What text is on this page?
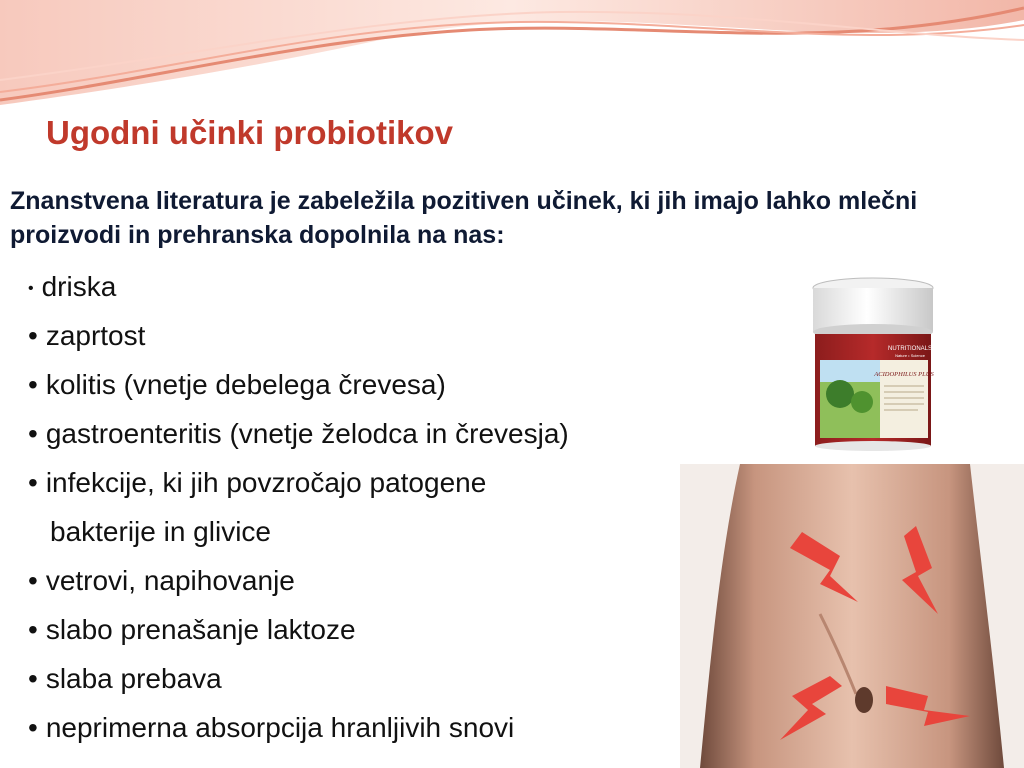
Ugodni učinki probiotikov
Znanstvena literatura je zabeležila pozitiven učinek, ki jih imajo lahko mlečni proizvodi in prehranska dopolnila na nas:
• driska
• zaprtost
• kolitis (vnetje debelega črevesa)
• gastroenteritis (vnetje želodca in črevesja)
• infekcije, ki jih povzročajo patogene
bakterije in glivice
• vetrovi, napihovanje
• slabo prenašanje laktoze
• slaba prebava
• neprimerna absorpcija hranljivih snovi
NUTRITIONALS
Nature • Science
ACIDOPHILUS PLUS
